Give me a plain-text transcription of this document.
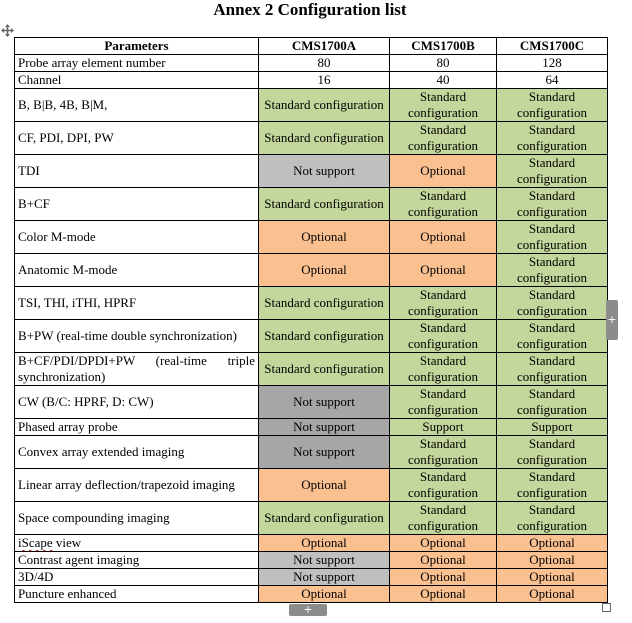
Annex 2 Configuration list
Parameters	CMS1700A	CMS1700B	CMS1700C
Probe array element number	80	80	128
Channel	16	40	64
B, B|B, 4B, B|M,	Standard configuration	Standard configuration	Standard configuration
CF, PDI, DPI, PW	Standard configuration	Standard configuration	Standard configuration
TDI	Not support	Optional	Standard configuration
B+CF	Standard configuration	Standard configuration	Standard configuration
Color M-mode	Optional	Optional	Standard configuration
Anatomic M-mode	Optional	Optional	Standard configuration
TSI, THI, iTHI, HPRF	Standard configuration	Standard configuration	Standard configuration
B+PW (real-time double synchronization)	Standard configuration	Standard configuration	Standard configuration
B+CF/PDI/DPDI+PW (real-time triple synchronization)	Standard configuration	Standard configuration	Standard configuration
CW (B/C: HPRF, D: CW)	Not support	Standard configuration	Standard configuration
Phased array probe	Not support	Support	Support
Convex array extended imaging	Not support	Standard configuration	Standard configuration
Linear array deflection/trapezoid imaging	Optional	Standard configuration	Standard configuration
Space compounding imaging	Standard configuration	Standard configuration	Standard configuration
iScape view	Optional	Optional	Optional
Contrast agent imaging	Not support	Optional	Optional
3D/4D	Not support	Optional	Optional
Puncture enhanced	Optional	Optional	Optional
+
+
